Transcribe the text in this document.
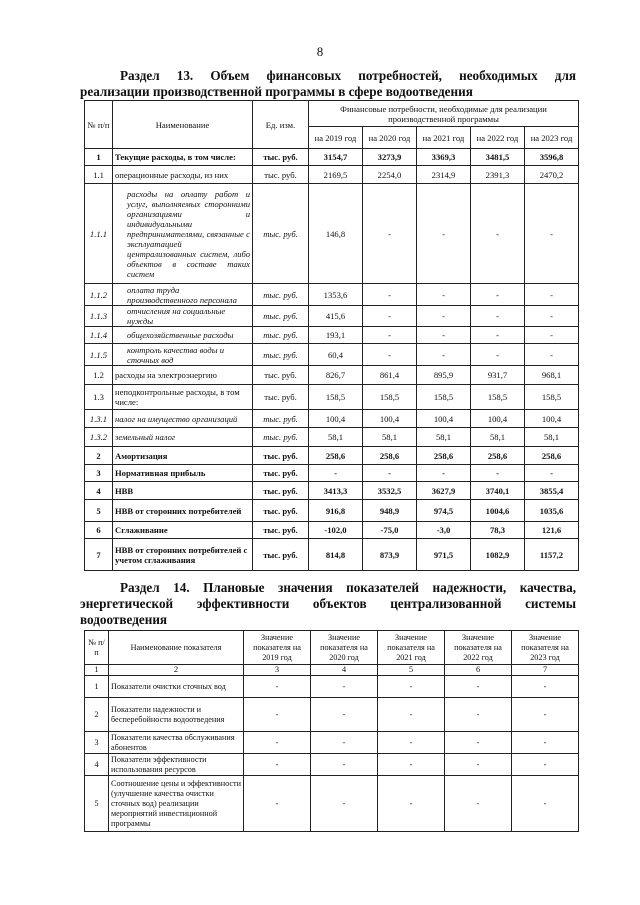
8
Раздел 13. Объем финансовых потребностей, необходимых для
реализации производственной программы в сфере водоотведения
№ п/п	Наименование	Ед. изм.	Финансовые потребности, необходимые для реализации производственной программы				
			на 2019 год	на 2020 год	на 2021 год	на 2022 год	на 2023 год
1	Текущие расходы, в том числе:	тыс. руб.	3154,7	3273,9	3369,3	3481,5	3596,8
1.1	операционные расходы, из них	тыс. руб.	2169,5	2254,0	2314,9	2391,3	2470,2
1.1.1	расходы на оплату работ и услуг, выполняемых сторонними организациями и индивидуальными предпринимателями, связанные с эксплуатацией централизованных систем, либо объектов в составе таких систем	тыс. руб.	146,8	-	-	-	-
1.1.2	оплата труда производственного персонала	тыс. руб.	1353,6	-	-	-	-
1.1.3	отчисления на социальные нужды	тыс. руб.	415,6	-	-	-	-
1.1.4	общехозяйственные расходы	тыс. руб.	193,1	-	-	-	-
1.1.5	контроль качества воды и сточных вод	тыс. руб.	60,4	-	-	-	-
1.2	расходы на электроэнергию	тыс. руб.	826,7	861,4	895,9	931,7	968,1
1.3	неподконтрольные расходы, в том числе:	тыс. руб.	158,5	158,5	158,5	158,5	158,5
1.3.1	налог на имущество организаций	тыс. руб.	100,4	100,4	100,4	100,4	100,4
1.3.2	земельный налог	тыс. руб.	58,1	58,1	58,1	58,1	58,1
2	Амортизация	тыс. руб.	258,6	258,6	258,6	258,6	258,6
3	Нормативная прибыль	тыс. руб.	-	-	-	-	-
4	НВВ	тыс. руб.	3413,3	3532,5	3627,9	3740,1	3855,4
5	НВВ от сторонних потребителей	тыс. руб.	916,8	948,9	974,5	1004,6	1035,6
6	Сглаживание	тыс. руб.	-102,0	-75,0	-3,0	78,3	121,6
7	НВВ от сторонних потребителей с учетом сглаживания	тыс. руб.	814,8	873,9	971,5	1082,9	1157,2
Раздел 14. Плановые значения показателей надежности, качества,
энергетической эффективности объектов централизованной системы
водоотведения
№ п/п	Наименование показателя	Значение показателя на 2019 год	Значение показателя на 2020 год	Значение показателя на 2021 год	Значение показателя на 2022 год	Значение показателя на 2023 год
1	2	3	4	5	6	7
1	Показатели очистки сточных вод	-	-	-	-	-
2	Показатели надежности и бесперебойности водоотведения	-	-	-	-	-
3	Показатели качества обслуживания абонентов	-	-	-	-	-
4	Показатели эффективности использования ресурсов	-	-	-	-	-
5	Соотношение цены и эффективности (улучшение качества очистки сточных вод) реализации мероприятий инвестиционной программы	-	-	-	-	-
